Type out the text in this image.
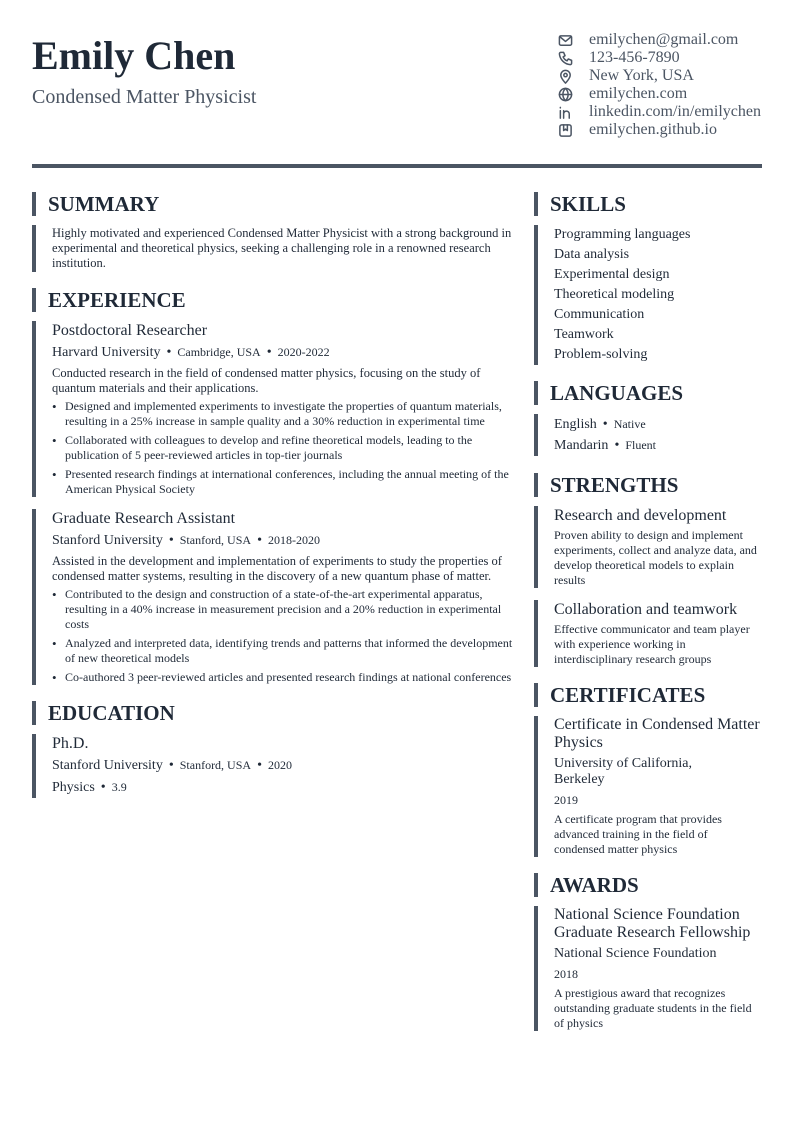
Emily Chen
Condensed Matter Physicist
emilychen@gmail.com
123-456-7890
New York, USA
emilychen.com
linkedin.com/in/emilychen
emilychen.github.io
SUMMARY
Highly motivated and experienced Condensed Matter Physicist with a strong background in experimental and theoretical physics, seeking a challenging role in a renowned research institution.
EXPERIENCE
Postdoctoral Researcher
Harvard University • Cambridge, USA • 2020-2022
Conducted research in the field of condensed matter physics, focusing on the study of quantum materials and their applications.
• Designed and implemented experiments to investigate the properties of quantum materials, resulting in a 25% increase in sample quality and a 30% reduction in experimental time
• Collaborated with colleagues to develop and refine theoretical models, leading to the publication of 5 peer-reviewed articles in top-tier journals
• Presented research findings at international conferences, including the annual meeting of the American Physical Society
Graduate Research Assistant
Stanford University • Stanford, USA • 2018-2020
Assisted in the development and implementation of experiments to study the properties of condensed matter systems, resulting in the discovery of a new quantum phase of matter.
• Contributed to the design and construction of a state-of-the-art experimental apparatus, resulting in a 40% increase in measurement precision and a 20% reduction in experimental costs
• Analyzed and interpreted data, identifying trends and patterns that informed the development of new theoretical models
• Co-authored 3 peer-reviewed articles and presented research findings at national conferences
EDUCATION
Ph.D.
Stanford University • Stanford, USA • 2020
Physics • 3.9
SKILLS
Programming languages
Data analysis
Experimental design
Theoretical modeling
Communication
Teamwork
Problem-solving
LANGUAGES
English • Native
Mandarin • Fluent
STRENGTHS
Research and development
Proven ability to design and implement experiments, collect and analyze data, and develop theoretical models to explain results
Collaboration and teamwork
Effective communicator and team player with experience working in interdisciplinary research groups
CERTIFICATES
Certificate in Condensed Matter Physics
University of California, Berkeley
2019
A certificate program that provides advanced training in the field of condensed matter physics
AWARDS
National Science Foundation Graduate Research Fellowship
National Science Foundation
2018
A prestigious award that recognizes outstanding graduate students in the field of physics
